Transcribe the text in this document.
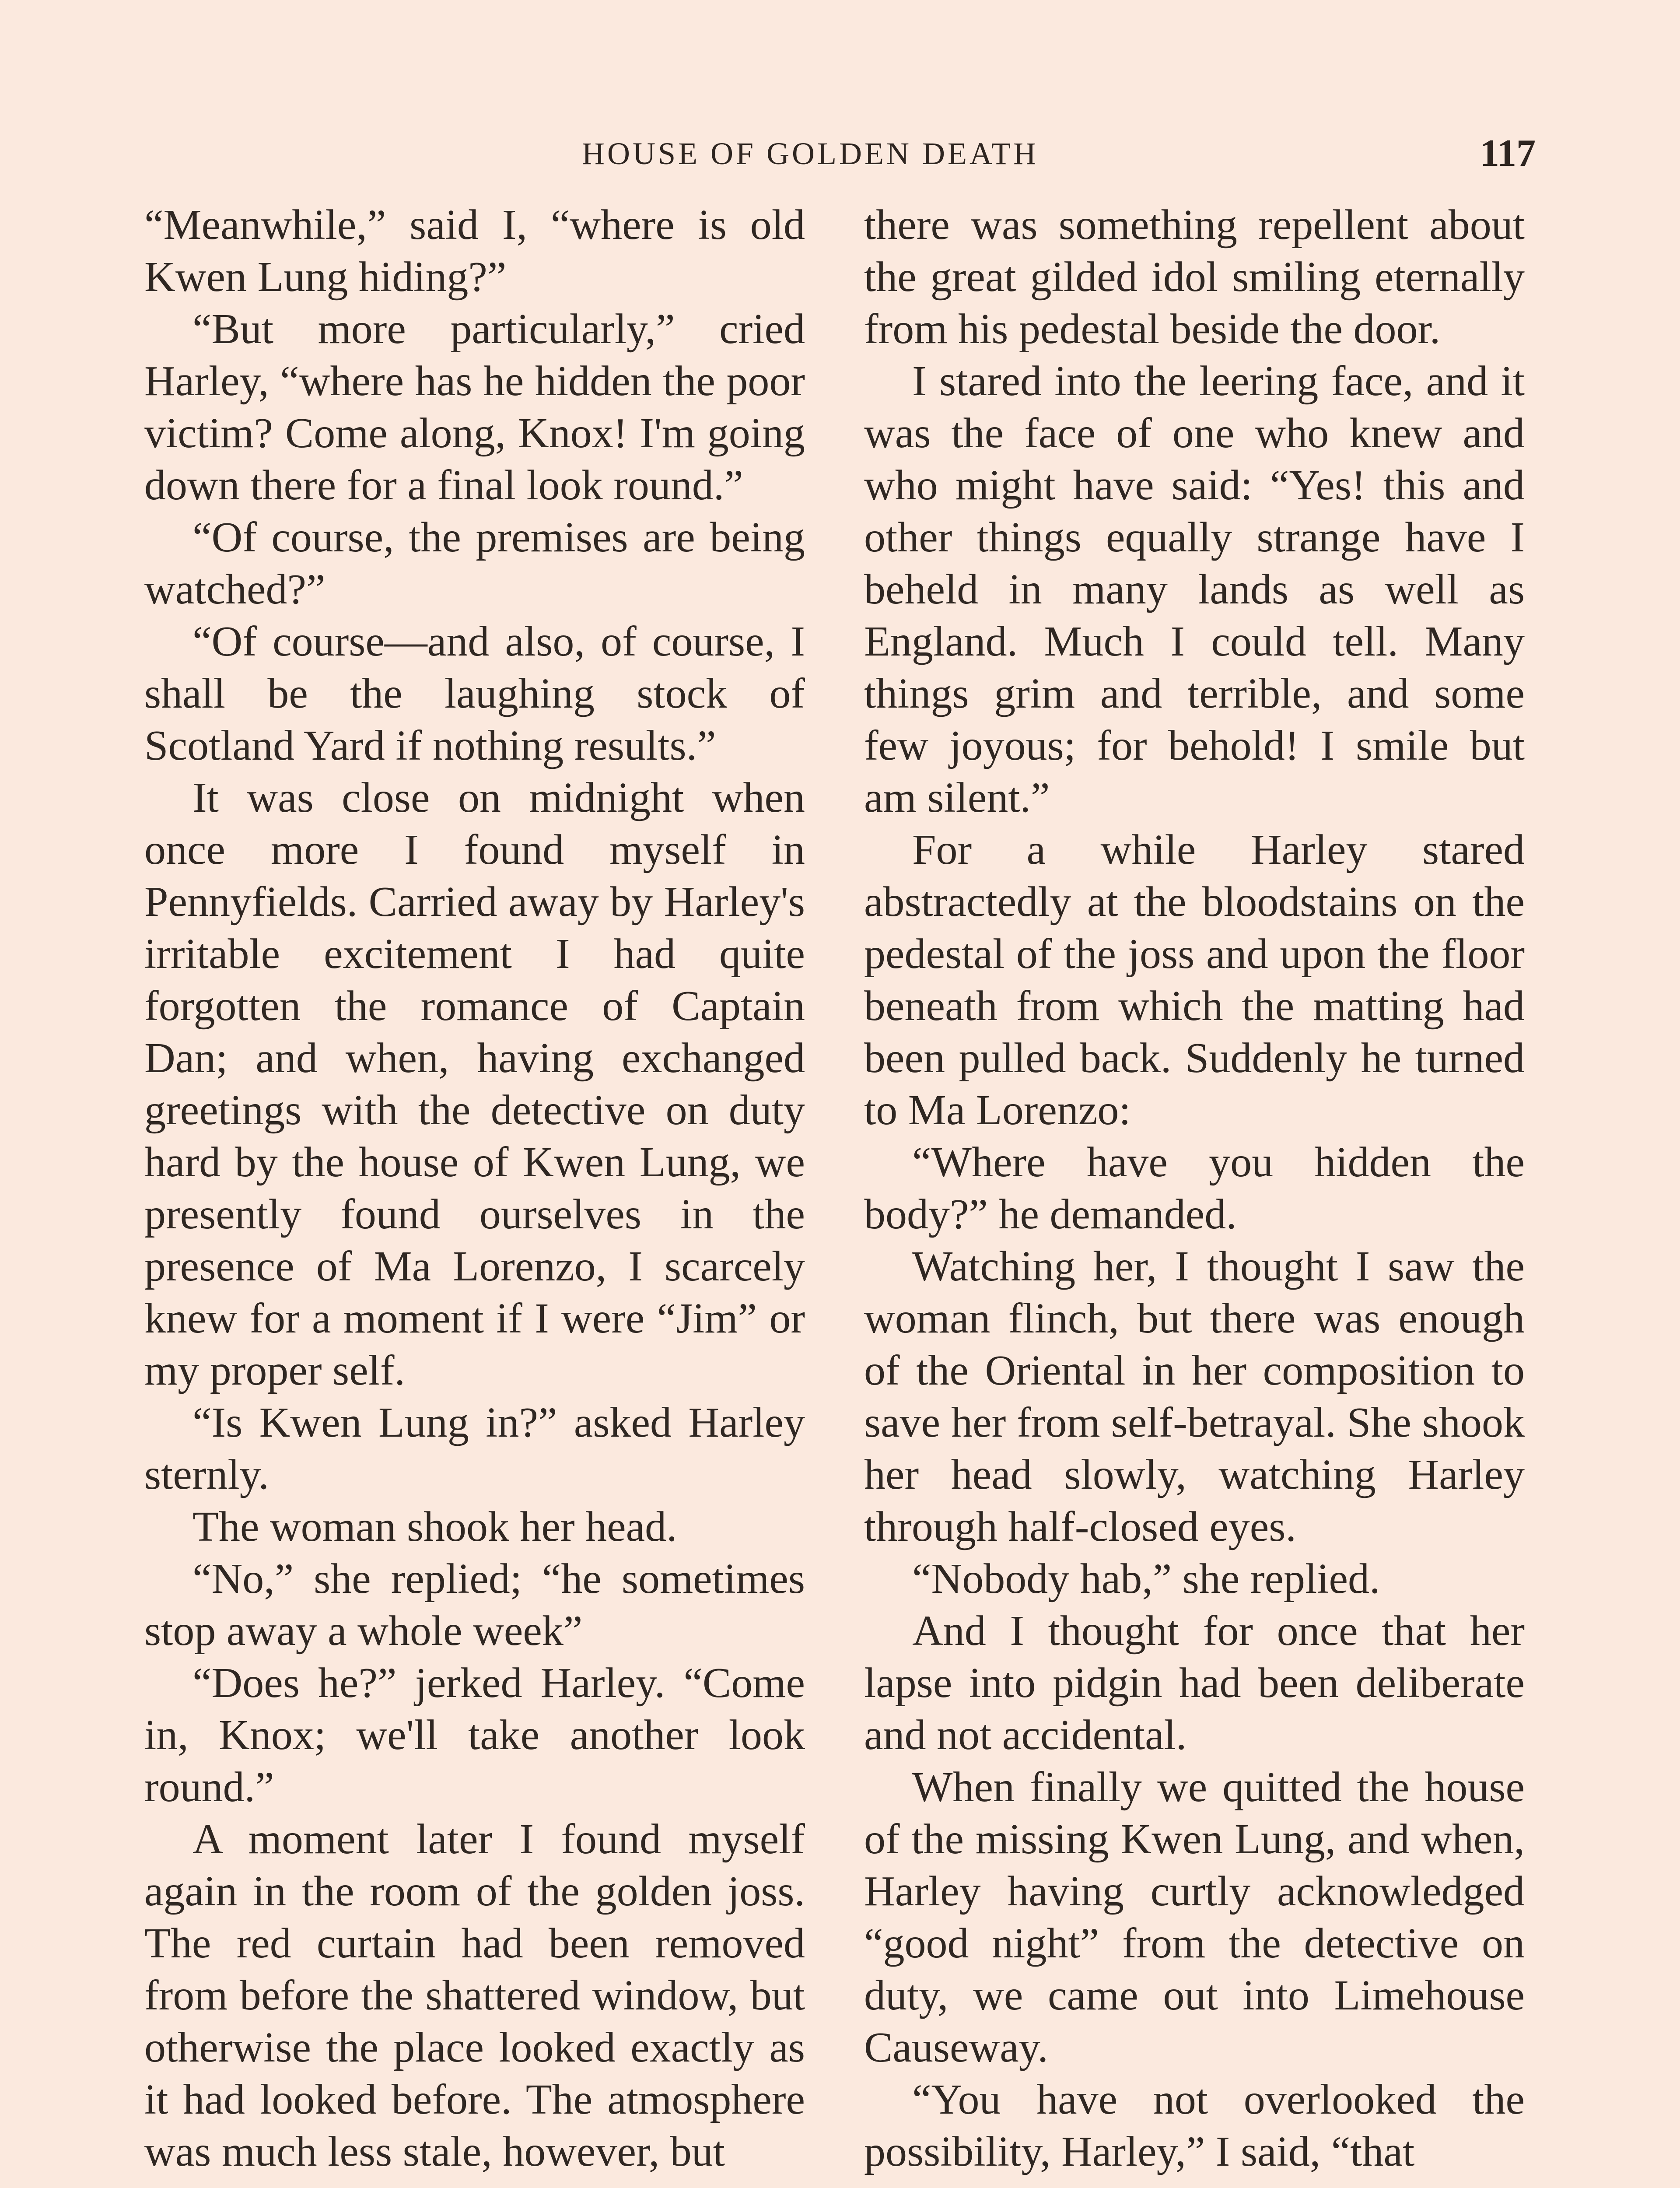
HOUSE OF GOLDEN DEATH	117

“Meanwhile,” said I, “where is old Kwen Lung hiding?”

“But more particularly,” cried Harley, “where has he hidden the poor victim? Come along, Knox! I'm going down there for a final look round.”

“Of course, the premises are being watched?”

“Of course—and also, of course, I shall be the laughing stock of Scotland Yard if nothing results.”

It was close on midnight when once more I found myself in Pennyfields. Carried away by Harley's irritable excitement I had quite forgotten the romance of Captain Dan; and when, having exchanged greetings with the detective on duty hard by the house of Kwen Lung, we presently found ourselves in the presence of Ma Lorenzo, I scarcely knew for a moment if I were “Jim” or my proper self.

“Is Kwen Lung in?” asked Harley sternly.

The woman shook her head.

“No,” she replied; “he sometimes stop away a whole week”

“Does he?” jerked Harley. “Come in, Knox; we'll take another look round.”

A moment later I found myself again in the room of the golden joss. The red curtain had been removed from before the shattered window, but otherwise the place looked exactly as it had looked before. The atmosphere was much less stale, however, but

there was something repellent about the great gilded idol smiling eternally from his pedestal beside the door.

I stared into the leering face, and it was the face of one who knew and who might have said: “Yes! this and other things equally strange have I beheld in many lands as well as England. Much I could tell. Many things grim and terrible, and some few joyous; for behold! I smile but am silent.”

For a while Harley stared abstractedly at the bloodstains on the pedestal of the joss and upon the floor beneath from which the matting had been pulled back. Suddenly he turned to Ma Lorenzo:

“Where have you hidden the body?” he demanded.

Watching her, I thought I saw the woman flinch, but there was enough of the Oriental in her composition to save her from self-betrayal. She shook her head slowly, watching Harley through half-closed eyes.

“Nobody hab,” she replied.

And I thought for once that her lapse into pidgin had been deliberate and not accidental.

When finally we quitted the house of the missing Kwen Lung, and when, Harley having curtly acknowledged “good night” from the detective on duty, we came out into Limehouse Causeway.

“You have not overlooked the possibility, Harley,” I said, “that
